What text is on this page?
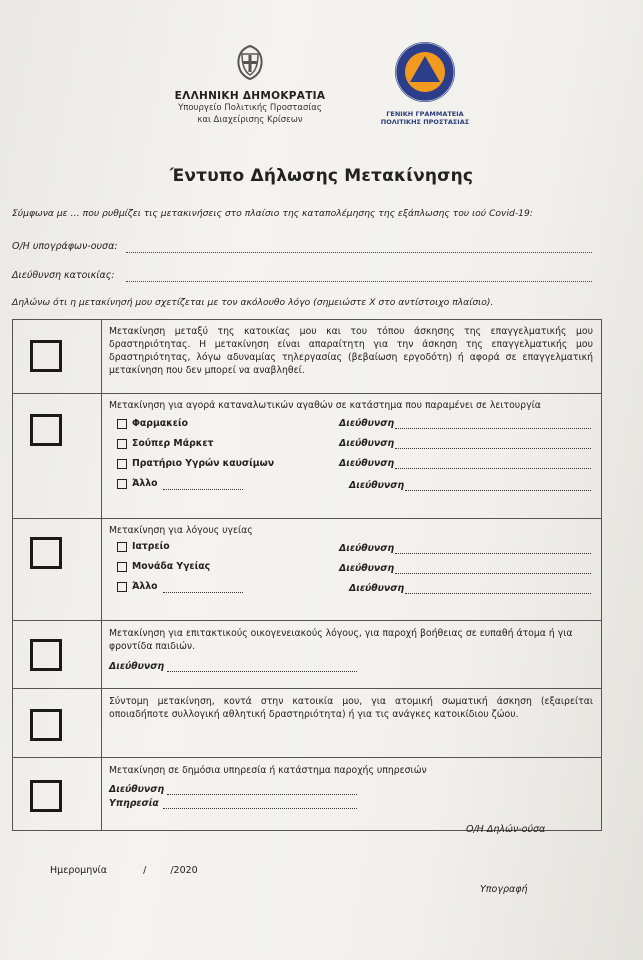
ΕΛΛΗΝΙΚΗ ΔΗΜΟΚΡΑΤΙΑ
Υπουργείο Πολιτικής Προστασίας
και Διαχείρισης Κρίσεων
ΓΕΝΙΚΗ ΓΡΑΜΜΑΤΕΙΑ
ΠΟΛΙΤΙΚΗΣ ΠΡΟΣΤΑΣΙΑΣ
Έντυπο Δήλωσης Μετακίνησης
Σύμφωνα με … που ρυθμίζει τις μετακινήσεις στο πλαίσιο της καταπολέμησης της εξάπλωσης του ιού Covid-19:
Ο/Η υπογράφων-ουσα:
Διεύθυνση κατοικίας:
Δηλώνω ότι η μετακίνησή μου σχετίζεται με τον ακόλουθο λόγο (σημειώστε Χ στο αντίστοιχο πλαίσιο).
Μετακίνηση μεταξύ της κατοικίας μου και του τόπου άσκησης της επαγγελματικής μου δραστηριότητας. Η μετακίνηση είναι απαραίτητη για την άσκηση της επαγγελματικής μου δραστηριότητας, λόγω αδυναμίας τηλεργασίας (βεβαίωση εργοδότη) ή αφορά σε επαγγελματική μετακίνηση που δεν μπορεί να αναβληθεί.
Μετακίνηση για αγορά καταναλωτικών αγαθών σε κατάστημα που παραμένει σε λειτουργία
Φαρμακείο	Διεύθυνση
Σούπερ Μάρκετ	Διεύθυνση
Πρατήριο Υγρών καυσίμων	Διεύθυνση
Άλλο	Διεύθυνση
Μετακίνηση για λόγους υγείας
Ιατρείο	Διεύθυνση
Μονάδα Υγείας	Διεύθυνση
Άλλο	Διεύθυνση
Μετακίνηση για επιτακτικούς οικογενειακούς λόγους, για παροχή βοήθειας σε ευπαθή άτομα ή για φροντίδα παιδιών.
Διεύθυνση
Σύντομη μετακίνηση, κοντά στην κατοικία μου, για ατομική σωματική άσκηση (εξαιρείται οποιαδήποτε συλλογική αθλητική δραστηριότητα) ή για τις ανάγκες κατοικίδιου ζώου.
Μετακίνηση σε δημόσια υπηρεσία ή κατάστημα παροχής υπηρεσιών
Διεύθυνση
Υπηρεσία
Ο/Η Δηλών-ούσα
Ημερομηνία	/	/2020
Υπογραφή
